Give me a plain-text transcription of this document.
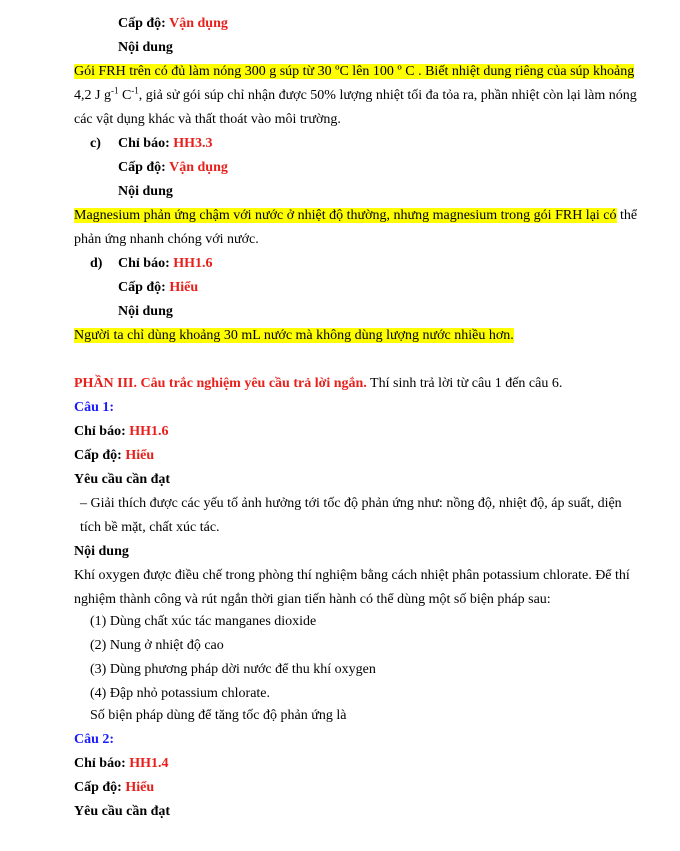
Cấp độ: Vận dụng
Nội dung
Gói FRH trên có đủ làm nóng 300 g súp từ 30 ºC lên 100 º C . Biết nhiệt dung riêng của súp khoảng
4,2 J $g^{-1}$ $C^{-1}$, giả sử gói súp chỉ nhận được 50% lượng nhiệt tối đa tỏa ra, phần nhiệt còn lại làm nóng
các vật dụng khác và thất thoát vào môi trường.
c) Chỉ báo: HH3.3
Cấp độ: Vận dụng
Nội dung
Magnesium phản ứng chậm với nước ở nhiệt độ thường, nhưng magnesium trong gói FRH lại có thể
phản ứng nhanh chóng với nước.
d) Chỉ báo: HH1.6
Cấp độ: Hiểu
Nội dung
Người ta chỉ dùng khoảng 30 mL nước mà không dùng lượng nước nhiều hơn.
PHẦN III. Câu trắc nghiệm yêu cầu trả lời ngắn. Thí sinh trả lời từ câu 1 đến câu 6.
Câu 1:
Chỉ báo: HH1.6
Cấp độ: Hiểu
Yêu cầu cần đạt
– Giải thích được các yếu tố ảnh hưởng tới tốc độ phản ứng như: nồng độ, nhiệt độ, áp suất, diện
tích bề mặt, chất xúc tác.
Nội dung
Khí oxygen được điều chế trong phòng thí nghiệm bằng cách nhiệt phân potassium chlorate. Để thí
nghiệm thành công và rút ngắn thời gian tiến hành có thể dùng một số biện pháp sau:
(1) Dùng chất xúc tác manganes dioxide
(2) Nung ở nhiệt độ cao
(3) Dùng phương pháp dời nước để thu khí oxygen
(4) Đập nhỏ potassium chlorate.
Số biện pháp dùng để tăng tốc độ phản ứng là
Câu 2:
Chỉ báo: HH1.4
Cấp độ: Hiểu
Yêu cầu cần đạt
